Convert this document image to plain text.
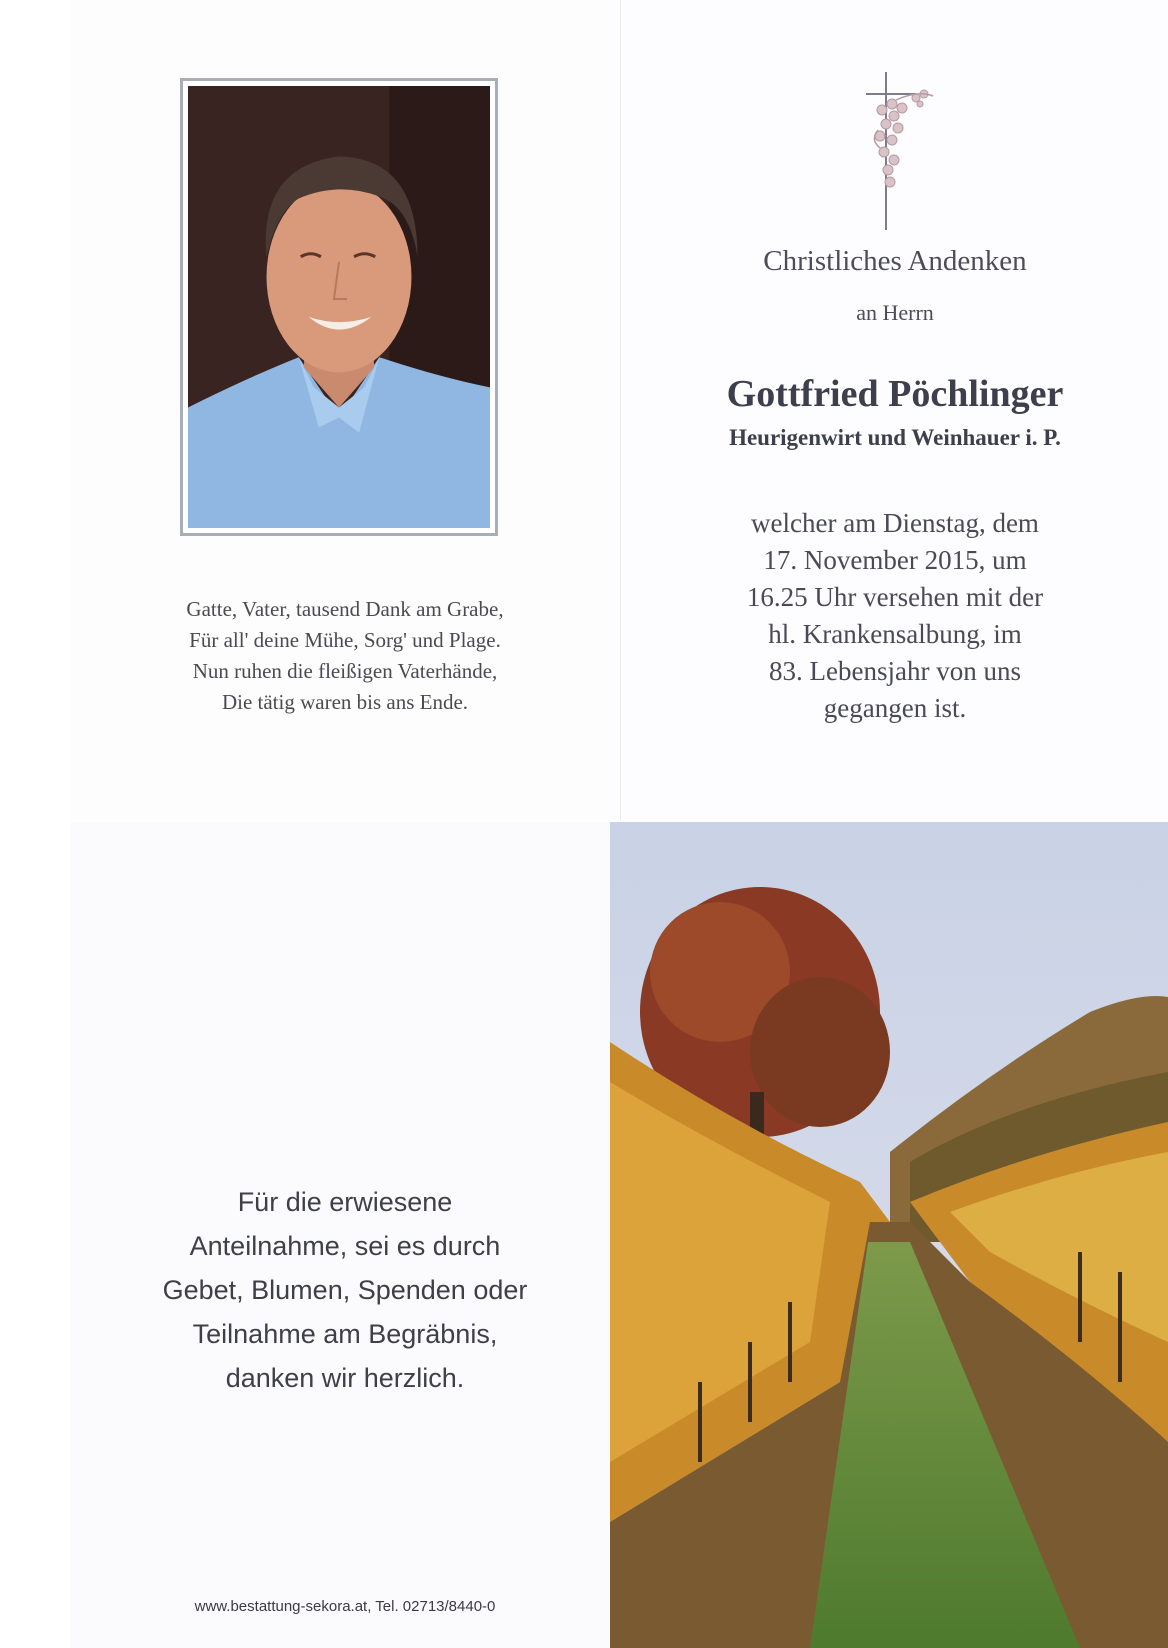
Gatte, Vater, tausend Dank am Grabe,
Für all' deine Mühe, Sorg' und Plage.
Nun ruhen die fleißigen Vaterhände,
Die tätig waren bis ans Ende.
Christliches Andenken
an Herrn
Gottfried Pöchlinger
Heurigenwirt und Weinhauer i. P.
welcher am Dienstag, dem
17. November 2015, um
16.25 Uhr versehen mit der
hl. Krankensalbung, im
83. Lebensjahr von uns
gegangen ist.
Für die erwiesene
Anteilnahme, sei es durch
Gebet, Blumen, Spenden oder
Teilnahme am Begräbnis,
danken wir herzlich.
www.bestattung-sekora.at, Tel. 02713/8440-0
